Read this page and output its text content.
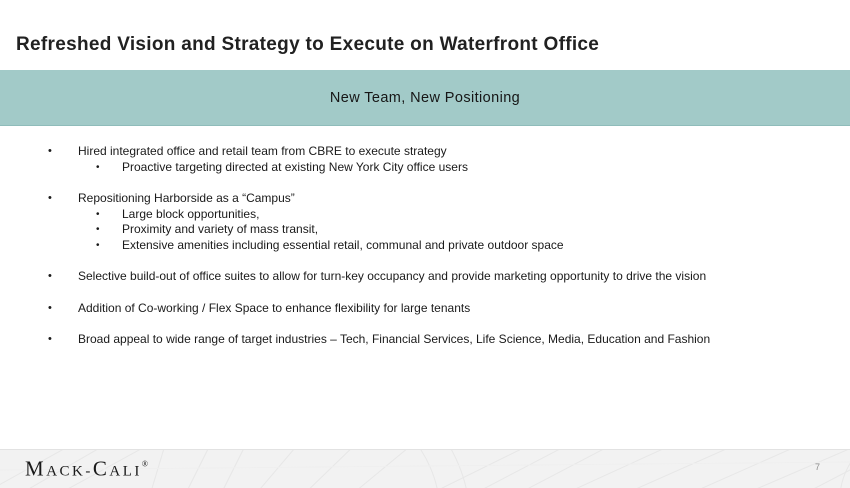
Refreshed Vision and Strategy to Execute on Waterfront Office
New Team, New Positioning
•	Hired integrated office and retail team from CBRE to execute strategy
•	Proactive targeting directed at existing New York City office users
•	Repositioning Harborside as a “Campus”
•	Large block opportunities,
•	Proximity and variety of mass transit,
•	Extensive amenities including essential retail, communal and private outdoor space
•	Selective build-out of office suites to allow for turn-key occupancy and provide marketing opportunity to drive the vision
•	Addition of Co-working / Flex Space to enhance flexibility for large tenants
•	Broad appeal to wide range of target industries – Tech, Financial Services, Life Science, Media, Education and Fashion
MACK-CALI®	7
